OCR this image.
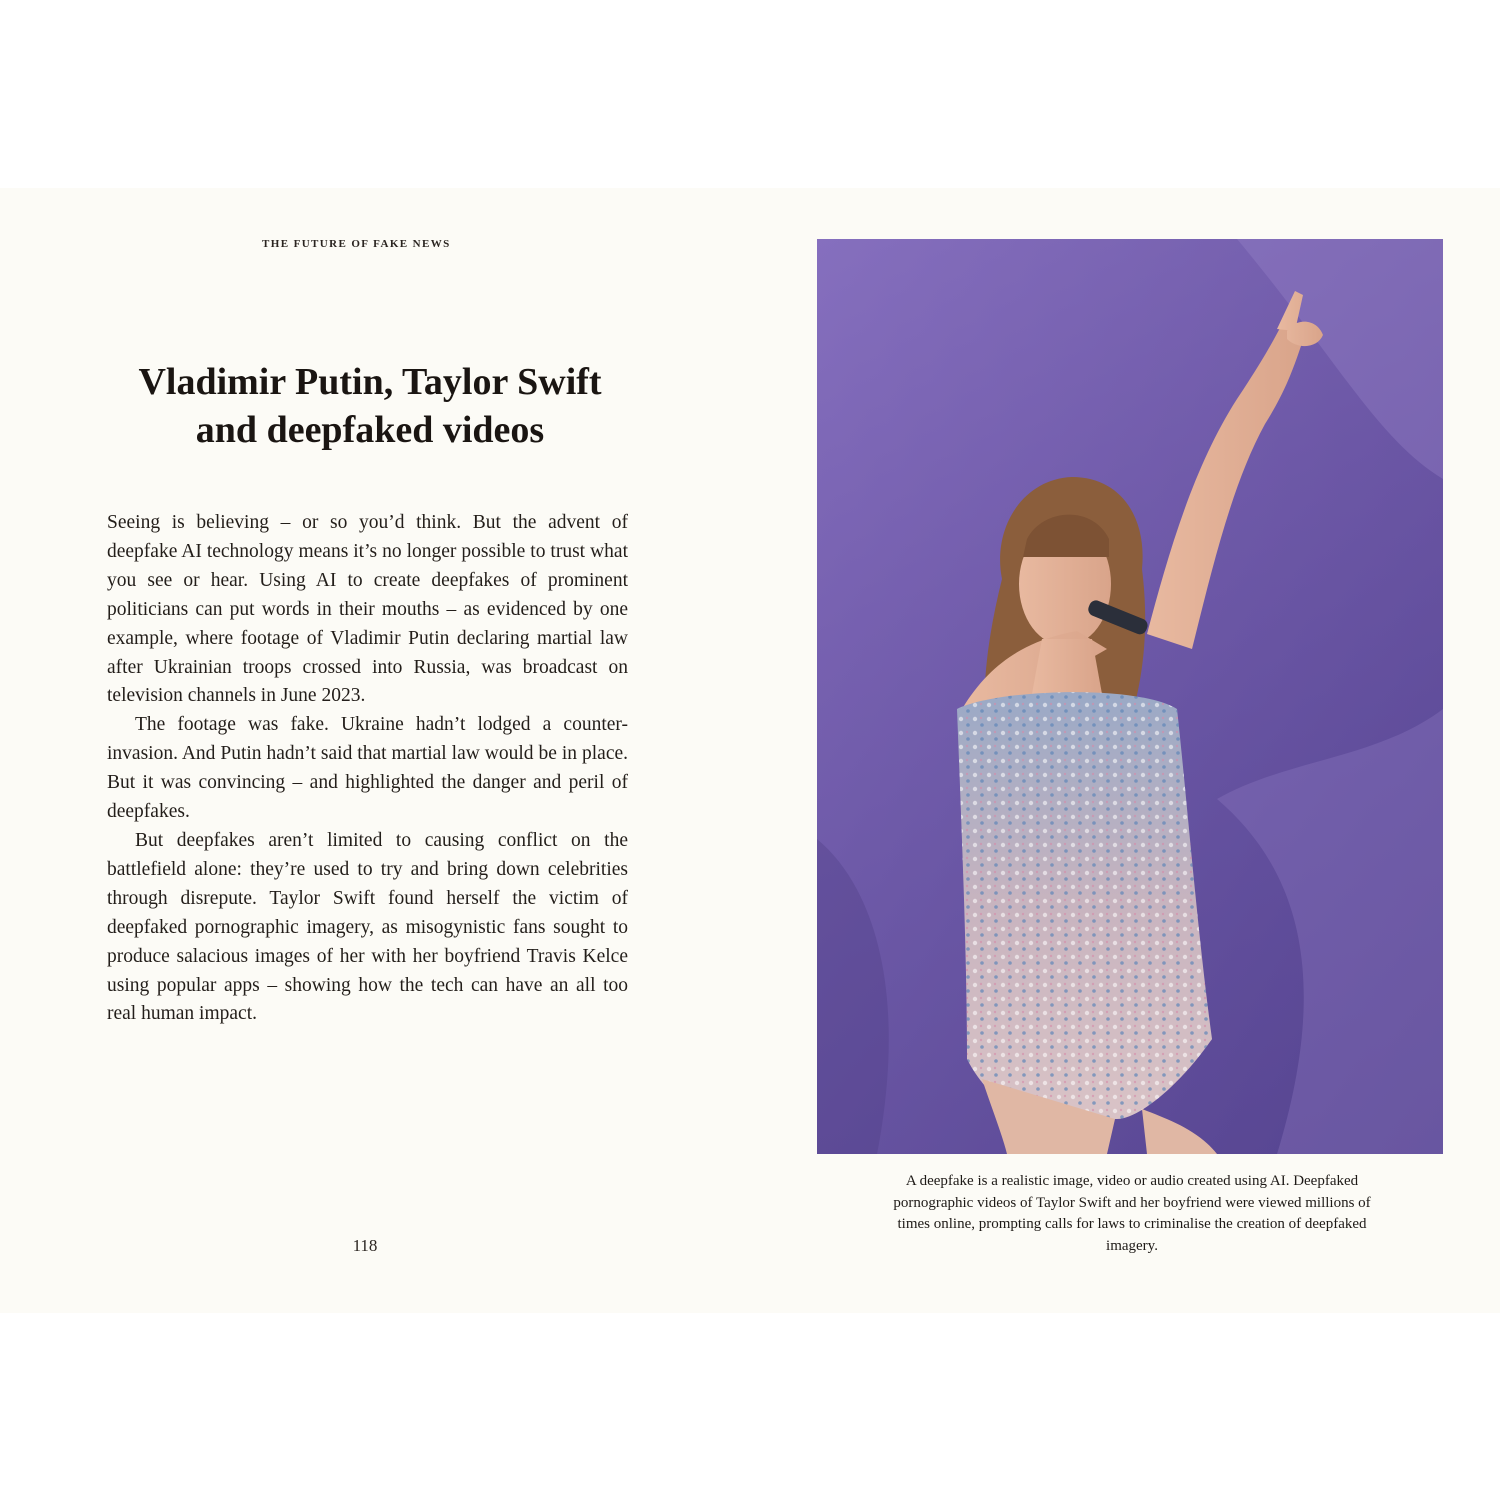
THE FUTURE OF FAKE NEWS
Vladimir Putin, Taylor Swift
and deepfaked videos

Seeing is believing – or so you’d think. But the advent of deepfake AI technology means it’s no longer possible to trust what you see or hear. Using AI to create deepfakes of prominent politicians can put words in their mouths – as evidenced by one example, where footage of Vladimir Putin declaring martial law after Ukrainian troops crossed into Russia, was broadcast on television channels in June 2023.

The footage was fake. Ukraine hadn’t lodged a counter-invasion. And Putin hadn’t said that martial law would be in place. But it was convincing – and highlighted the danger and peril of deepfakes.

But deepfakes aren’t limited to causing conflict on the battlefield alone: they’re used to try and bring down celebrities through disrepute. Taylor Swift found herself the victim of deepfaked pornographic imagery, as misogynistic fans sought to produce salacious images of her with her boyfriend Travis Kelce using popular apps – showing how the tech can have an all too real human impact.

118
A deepfake is a realistic image, video or audio created using AI. Deepfaked pornographic videos of Taylor Swift and her boyfriend were viewed millions of times online, prompting calls for laws to criminalise the creation of deepfaked imagery.
